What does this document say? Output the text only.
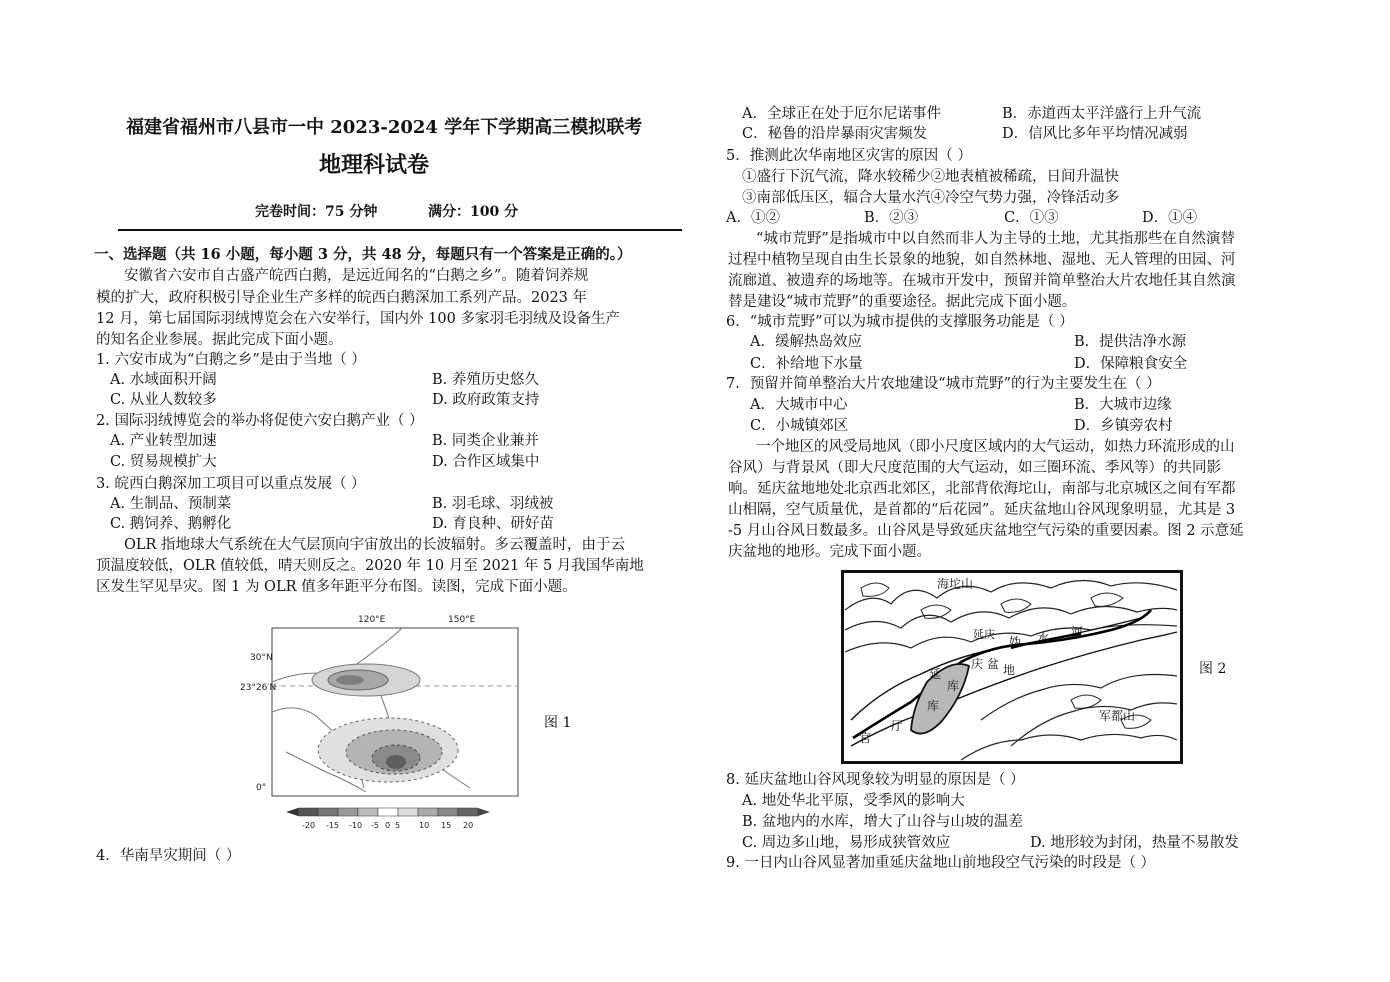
福建省福州市八县市一中 2023-2024 学年下学期高三模拟联考
地理科试卷
完卷时间：75 分钟	满分：100 分
一、选择题（共 16 小题，每小题 3 分，共 48 分，每题只有一个答案是正确的。）
安徽省六安市自古盛产皖西白鹅，是远近闻名的“白鹅之乡”。随着饲养规
模的扩大，政府积极引导企业生产多样的皖西白鹅深加工系列产品。2023 年
12 月，第七届国际羽绒博览会在六安举行，国内外 100 多家羽毛羽绒及设备生产
的知名企业参展。据此完成下面小题。
1. 六安市成为“白鹅之乡”是由于当地（ ）
A. 水域面积开阔	B. 养殖历史悠久
C. 从业人数较多	D. 政府政策支持
2. 国际羽绒博览会的举办将促使六安白鹅产业（ ）
A. 产业转型加速	B. 同类企业兼并
C. 贸易规模扩大	D. 合作区域集中
3. 皖西白鹅深加工项目可以重点发展（ ）
A. 生制品、预制菜	B. 羽毛球、羽绒被
C. 鹅饲养、鹅孵化	D. 育良种、研好苗
OLR 指地球大气系统在大气层顶向宇宙放出的长波辐射。多云覆盖时，由于云
顶温度较低，OLR 值较低，晴天则反之。2020 年 10 月至 2021 年 5 月我国华南地
区发生罕见旱灾。图 1 为 OLR 值多年距平分布图。读图，完成下面小题。
120°E	150°E
30°N
23°26′N
0°
-20 -15 -10 -5 0 5 10 15 20
图 1
4．华南旱灾期间（ ）
A．全球正在处于厄尔尼诺事件	B．赤道西太平洋盛行上升气流
C．秘鲁的沿岸暴雨灾害频发	D．信风比多年平均情况减弱
5．推测此次华南地区灾害的原因（ ）
①盛行下沉气流，降水较稀少②地表植被稀疏，日间升温快
③南部低压区，辐合大量水汽④冷空气势力强，冷锋活动多
A．①②	B．②③	C．①③	D．①④
“城市荒野”是指城市中以自然而非人为主导的土地，尤其指那些在自然演替
过程中植物呈现自由生长景象的地貌，如自然林地、湿地、无人管理的田园、河
流廊道、被遗弃的场地等。在城市开发中，预留并简单整治大片农地任其自然演
替是建设“城市荒野”的重要途径。据此完成下面小题。
6．“城市荒野”可以为城市提供的支撑服务功能是（ ）
A．缓解热岛效应	B．提供洁净水源
C．补给地下水量	D．保障粮食安全
7．预留并简单整治大片农地建设“城市荒野”的行为主要发生在（ ）
A．大城市中心	B．大城市边缘
C．小城镇郊区	D．乡镇旁农村
一个地区的风受局地风（即小尺度区域内的大气运动，如热力环流形成的山
谷风）与背景风（即大尺度范围的大气运动，如三圈环流、季风等）的共同影
响。延庆盆地地处北京西北郊区，北部背依海坨山，南部与北京城区之间有军都
山相隔，空气质量优，是首都的“后花园”。延庆盆地山谷风现象明显，尤其是 3
-5 月山谷风日数最多。山谷风是导致延庆盆地空气污染的重要因素。图 2 示意延
庆盆地的地形。完成下面小题。
海坨山
延庆
妫 水 河
庆 盆 地
延
库
库
厅
官
军都山
图 2
8. 延庆盆地山谷风现象较为明显的原因是（ ）
A. 地处华北平原，受季风的影响大
B. 盆地内的水库，增大了山谷与山坡的温差
C. 周边多山地，易形成狭管效应	D. 地形较为封闭，热量不易散发
9. 一日内山谷风显著加重延庆盆地山前地段空气污染的时段是（ ）
